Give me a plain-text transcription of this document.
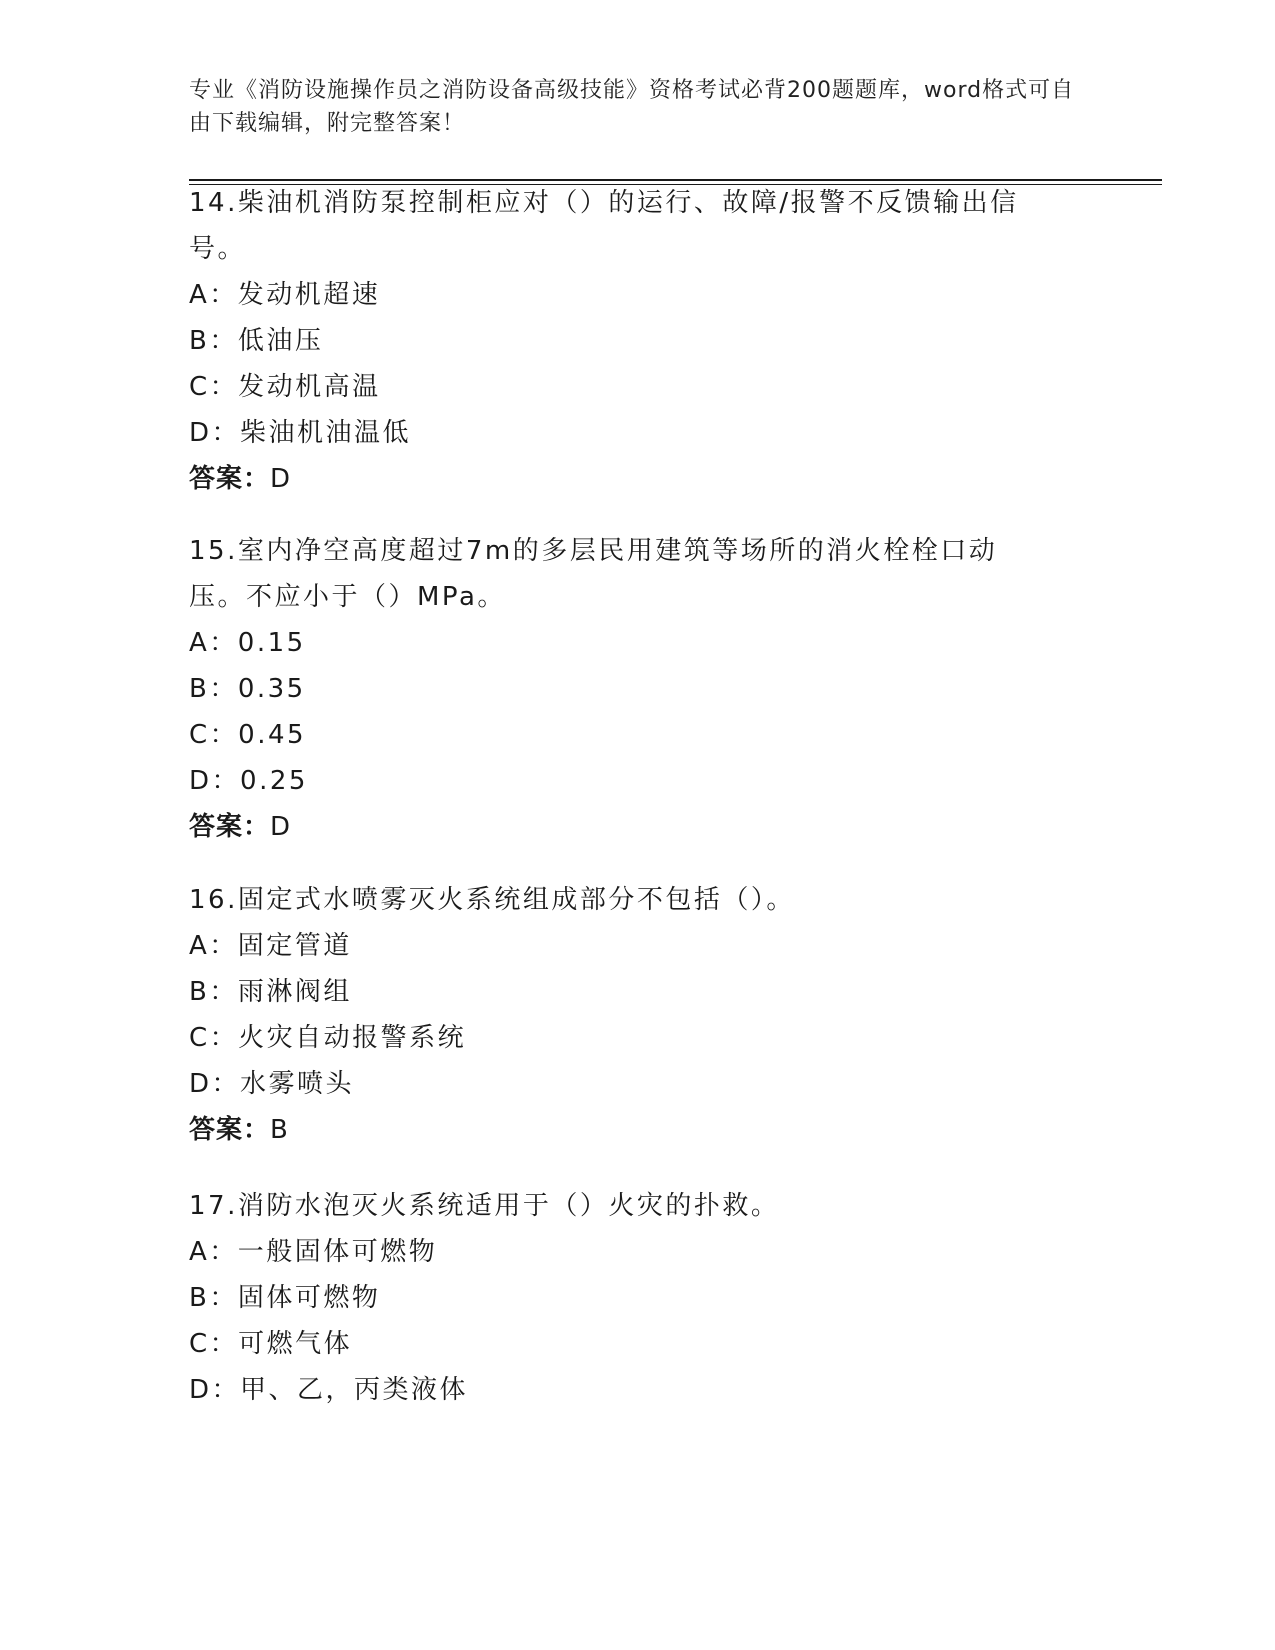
专业《消防设施操作员之消防设备高级技能》资格考试必背200题题库，word格式可自由下载编辑，附完整答案！

14.柴油机消防泵控制柜应对（）的运行、故障/报警不反馈输出信号。

A：发动机超速

B：低油压

C：发动机高温

D：柴油机油温低

答案：D

15.室内净空高度超过7m的多层民用建筑等场所的消火栓栓口动压。不应小于（）MPa。

A：0.15

B：0.35

C：0.45

D：0.25

答案：D

16.固定式水喷雾灭火系统组成部分不包括（）。

A：固定管道

B：雨淋阀组

C：火灾自动报警系统

D：水雾喷头

答案：B

17.消防水泡灭火系统适用于（）火灾的扑救。

A：一般固体可燃物

B：固体可燃物

C：可燃气体

D：甲、乙，丙类液体
